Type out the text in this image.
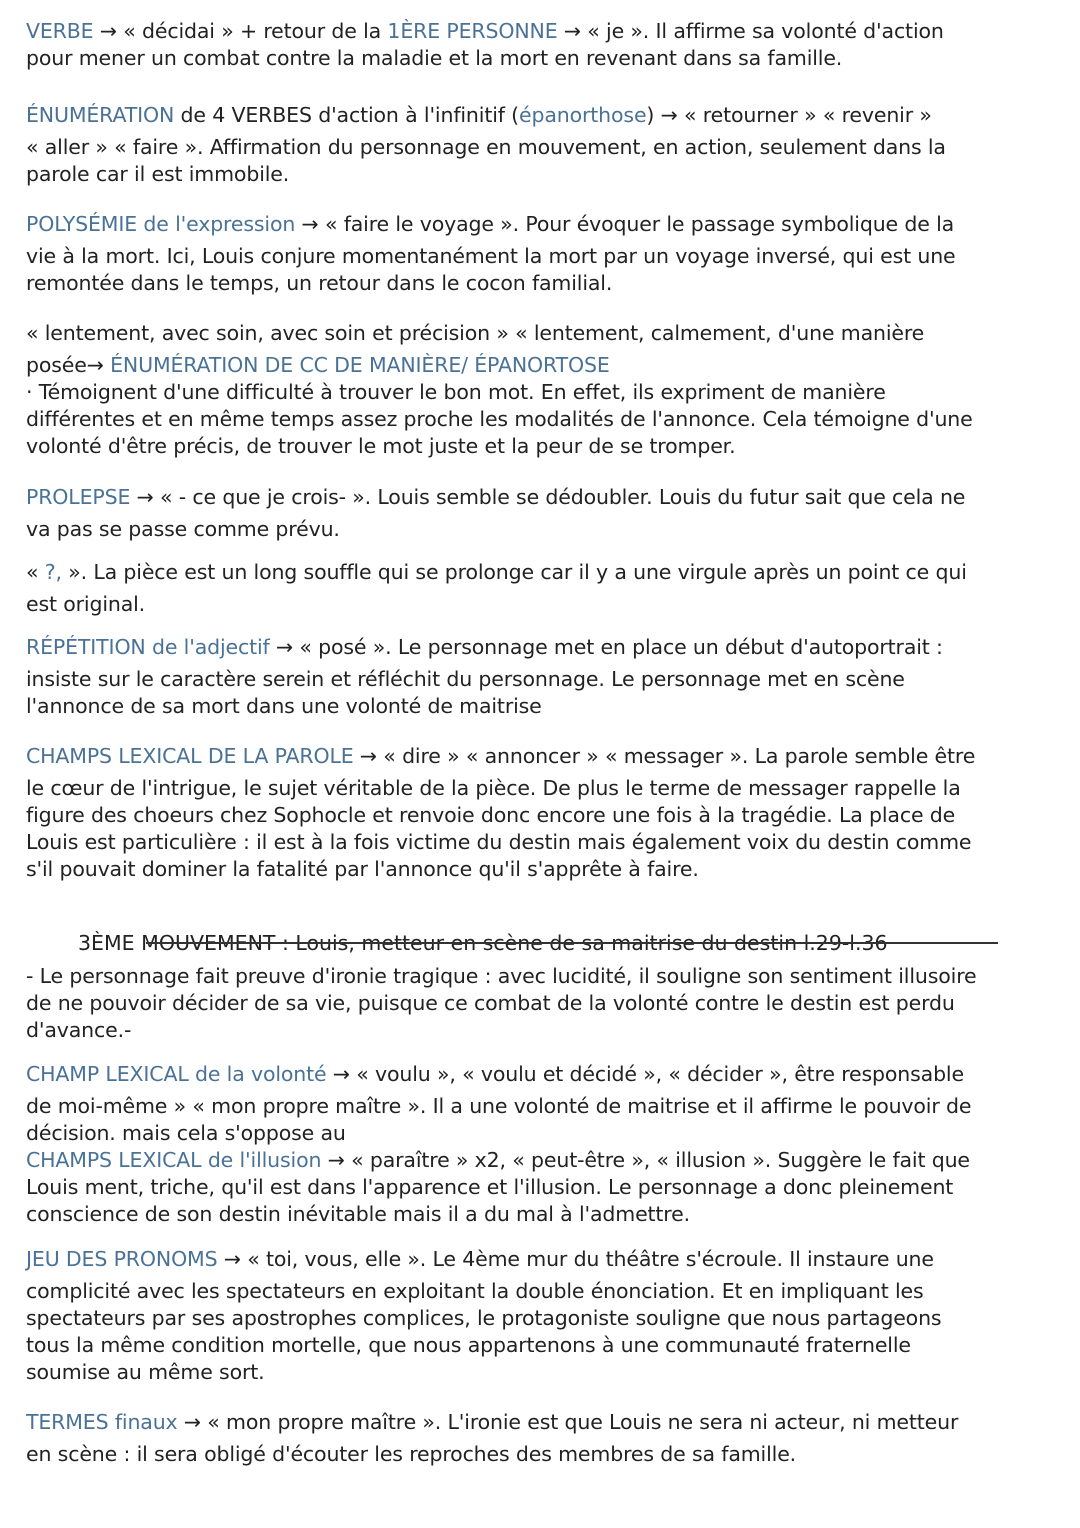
VERBE → « décidai » + retour de la 1ÈRE PERSONNE → « je ». Il affirme sa volonté d'action
pour mener un combat contre la maladie et la mort en revenant dans sa famille.
ÉNUMÉRATION de 4 VERBES d'action à l'infinitif (épanorthose) → « retourner » « revenir »
« aller » « faire ». Affirmation du personnage en mouvement, en action, seulement dans la
parole car il est immobile.
POLYSÉMIE de l'expression → « faire le voyage ». Pour évoquer le passage symbolique de la
vie à la mort. Ici, Louis conjure momentanément la mort par un voyage inversé, qui est une
remontée dans le temps, un retour dans le cocon familial.
« lentement, avec soin, avec soin et précision » « lentement, calmement, d'une manière
posée→ ÉNUMÉRATION DE CC DE MANIÈRE/ ÉPANORTOSE
· Témoignent d'une difficulté à trouver le bon mot. En effet, ils expriment de manière
différentes et en même temps assez proche les modalités de l'annonce. Cela témoigne d'une
volonté d'être précis, de trouver le mot juste et la peur de se tromper.
PROLEPSE → « - ce que je crois- ». Louis semble se dédoubler. Louis du futur sait que cela ne
va pas se passe comme prévu.
« ?, ». La pièce est un long souffle qui se prolonge car il y a une virgule après un point ce qui
est original.
RÉPÉTITION de l'adjectif → « posé ». Le personnage met en place un début d'autoportrait :
insiste sur le caractère serein et réfléchit du personnage. Le personnage met en scène
l'annonce de sa mort dans une volonté de maitrise
CHAMPS LEXICAL DE LA PAROLE → « dire » « annoncer » « messager ». La parole semble être
le cœur de l'intrigue, le sujet véritable de la pièce. De plus le terme de messager rappelle la
figure des choeurs chez Sophocle et renvoie donc encore une fois à la tragédie. La place de
Louis est particulière : il est à la fois victime du destin mais également voix du destin comme
s'il pouvait dominer la fatalité par l'annonce qu'il s'apprête à faire.
3ÈME MOUVEMENT : Louis, metteur en scène de sa maitrise du destin l.29-l.36
- Le personnage fait preuve d'ironie tragique : avec lucidité, il souligne son sentiment illusoire
de ne pouvoir décider de sa vie, puisque ce combat de la volonté contre le destin est perdu
d'avance.-
CHAMP LEXICAL de la volonté → « voulu », « voulu et décidé », « décider », être responsable
de moi-même » « mon propre maître ». Il a une volonté de maitrise et il affirme le pouvoir de
décision. mais cela s'oppose au
CHAMPS LEXICAL de l'illusion → « paraître » x2, « peut-être », « illusion ». Suggère le fait que
Louis ment, triche, qu'il est dans l'apparence et l'illusion. Le personnage a donc pleinement
conscience de son destin inévitable mais il a du mal à l'admettre.
JEU DES PRONOMS → « toi, vous, elle ». Le 4ème mur du théâtre s'écroule. Il instaure une
complicité avec les spectateurs en exploitant la double énonciation. Et en impliquant les
spectateurs par ses apostrophes complices, le protagoniste souligne que nous partageons
tous la même condition mortelle, que nous appartenons à une communauté fraternelle
soumise au même sort.
TERMES finaux → « mon propre maître ». L'ironie est que Louis ne sera ni acteur, ni metteur
en scène : il sera obligé d'écouter les reproches des membres de sa famille.
